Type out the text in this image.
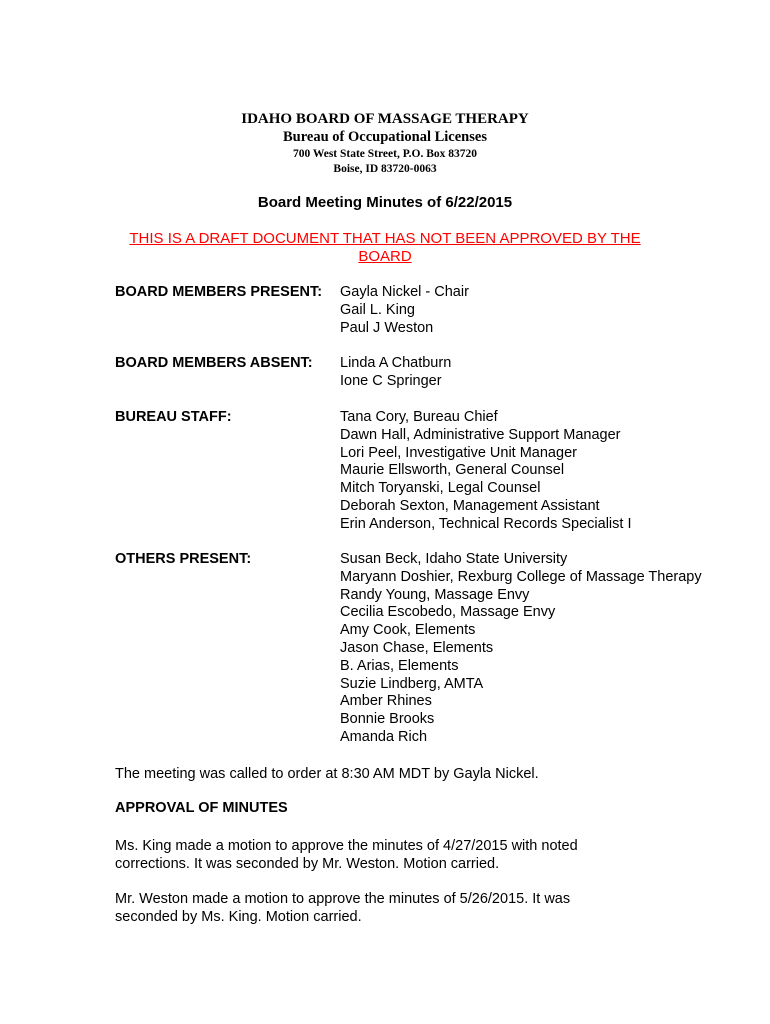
IDAHO BOARD OF MASSAGE THERAPY
Bureau of Occupational Licenses
700 West State Street, P.O. Box 83720
Boise, ID 83720-0063
Board Meeting Minutes of 6/22/2015
THIS IS A DRAFT DOCUMENT THAT HAS NOT BEEN APPROVED BY THE BOARD
BOARD MEMBERS PRESENT: Gayla Nickel - Chair
Gail L. King
Paul J Weston
BOARD MEMBERS ABSENT: Linda A Chatburn
Ione C Springer
BUREAU STAFF:	Tana Cory, Bureau Chief
Dawn Hall, Administrative Support Manager
Lori Peel, Investigative Unit Manager
Maurie Ellsworth, General Counsel
Mitch Toryanski, Legal Counsel
Deborah Sexton, Management Assistant
Erin Anderson, Technical Records Specialist I
OTHERS PRESENT:	Susan Beck, Idaho State University
Maryann Doshier, Rexburg College of Massage Therapy
Randy Young, Massage Envy
Cecilia Escobedo, Massage Envy
Amy Cook, Elements
Jason Chase, Elements
B. Arias, Elements
Suzie Lindberg, AMTA
Amber Rhines
Bonnie Brooks
Amanda Rich
The meeting was called to order at 8:30 AM MDT by Gayla Nickel.
APPROVAL OF MINUTES
Ms. King made a motion to approve the minutes of 4/27/2015 with noted corrections. It was seconded by Mr. Weston. Motion carried.
Mr. Weston made a motion to approve the minutes of 5/26/2015. It was seconded by Ms. King. Motion carried.
